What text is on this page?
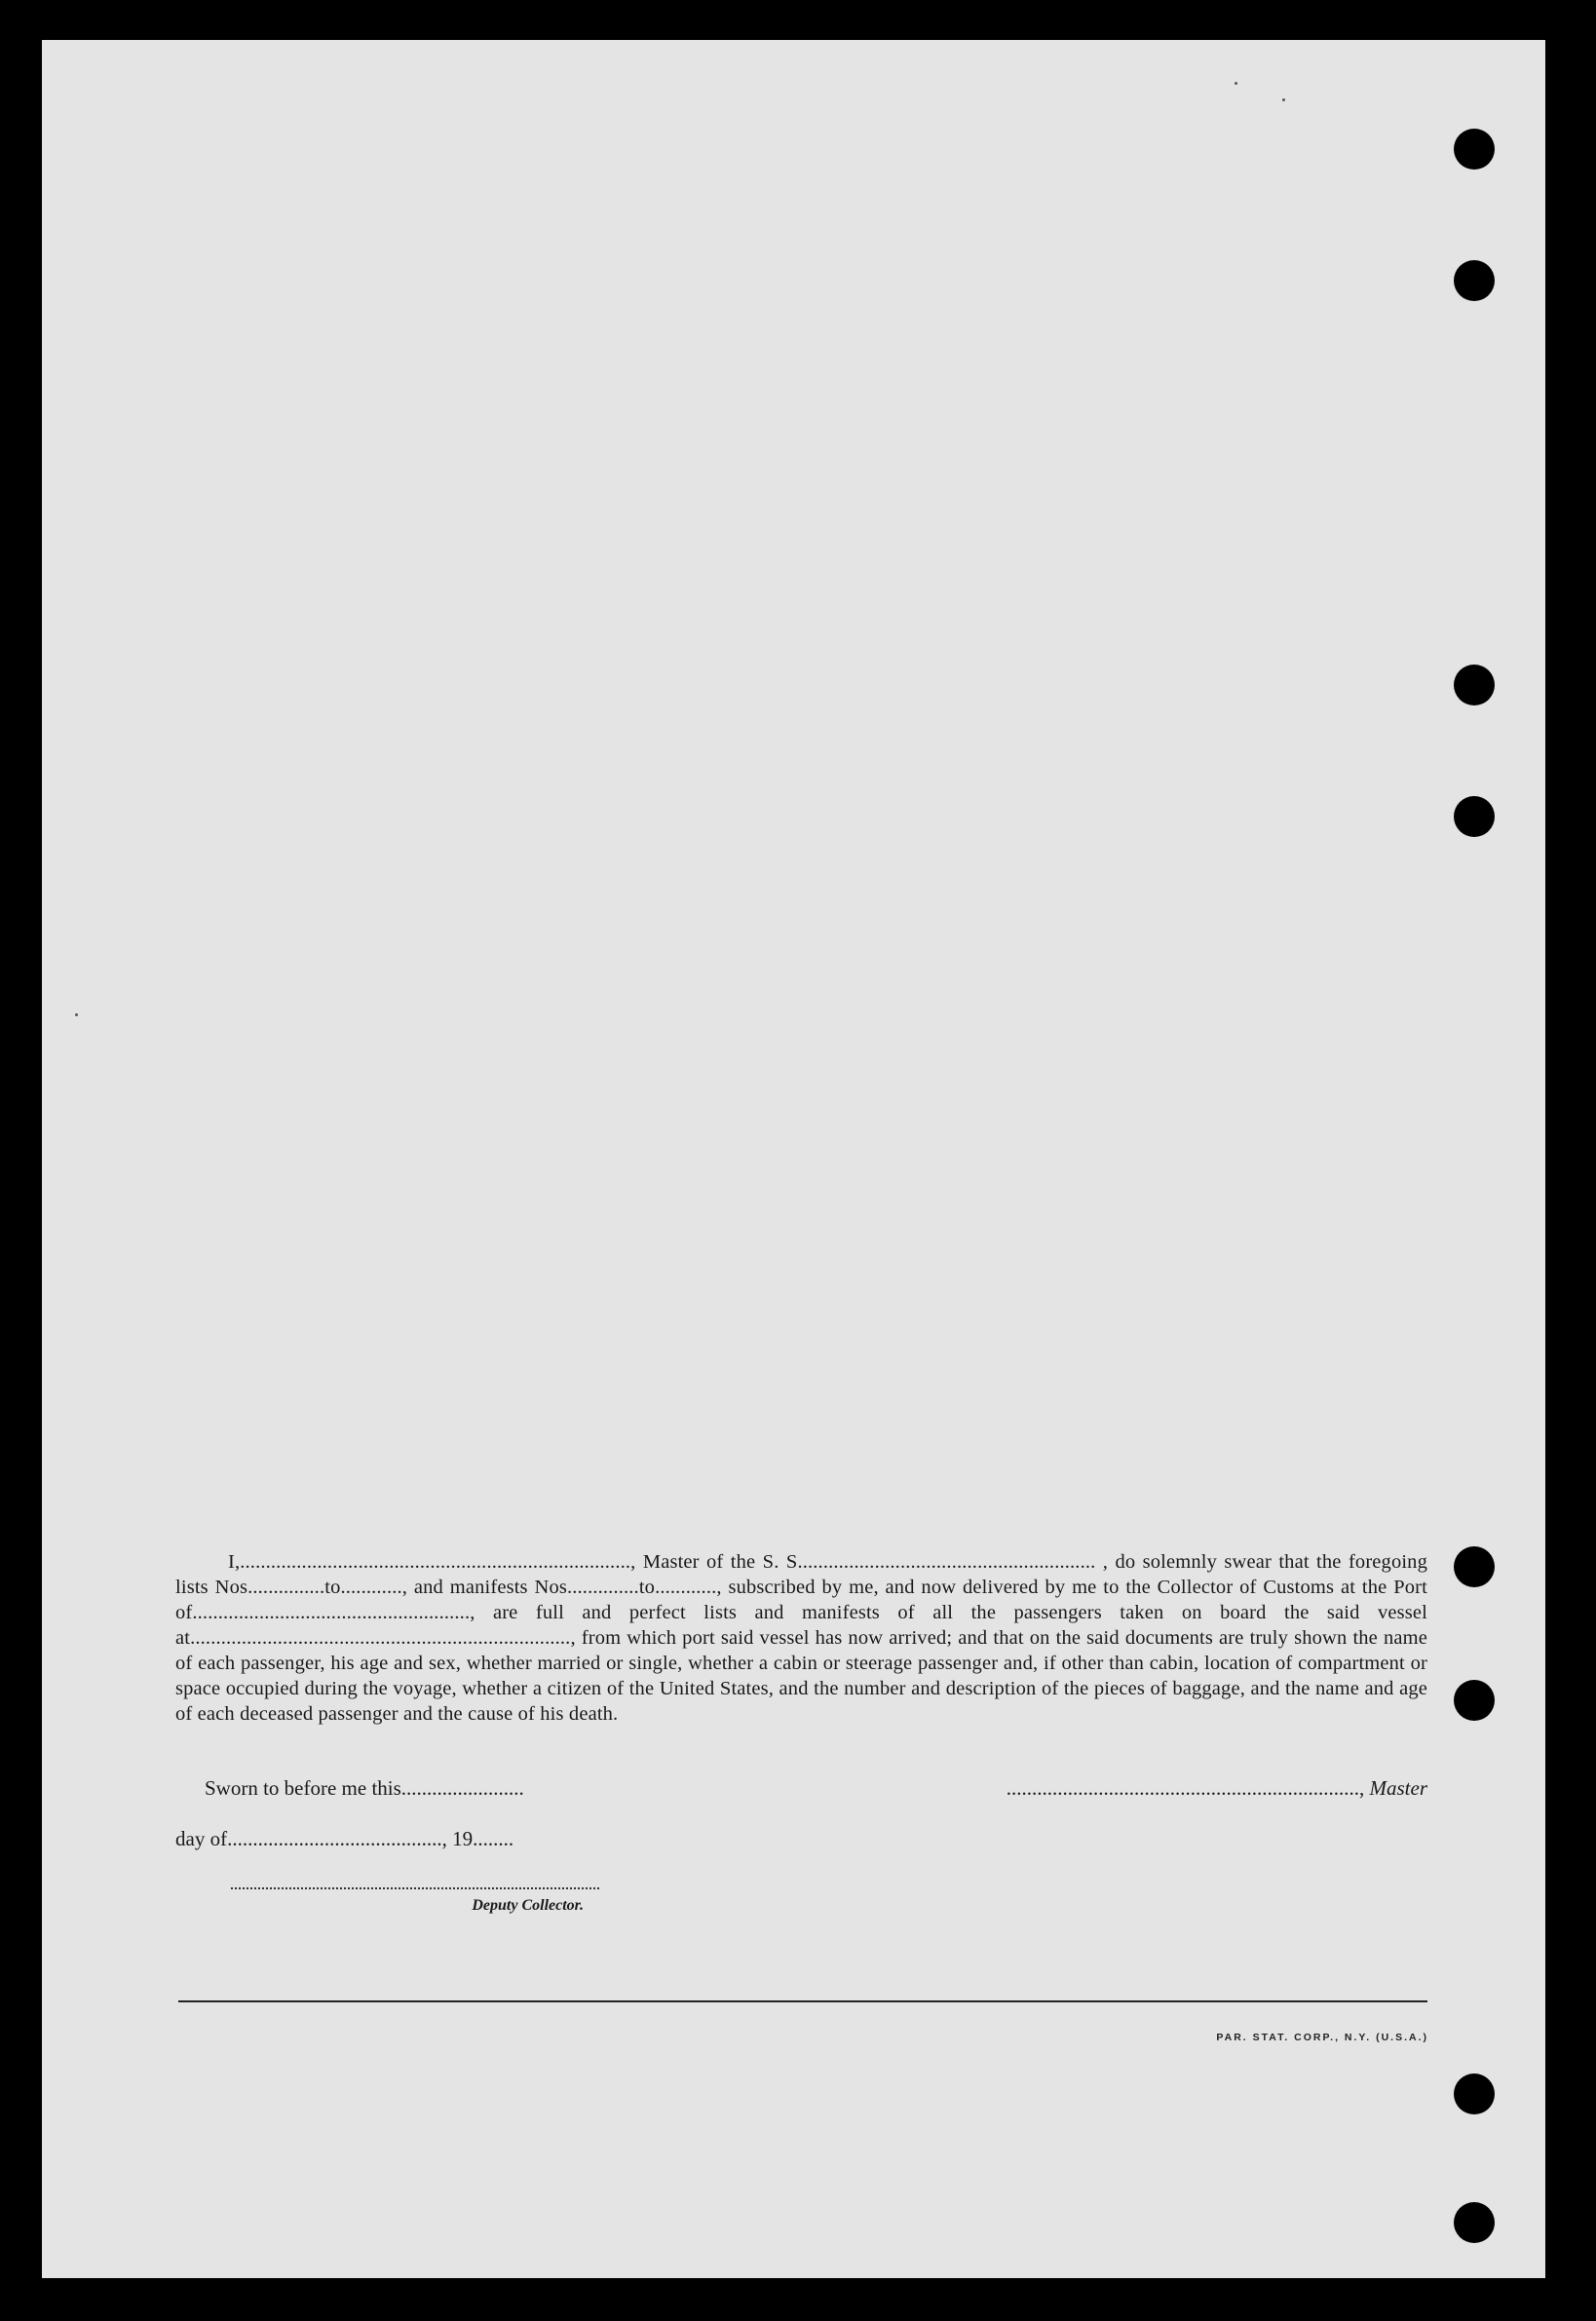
I,............................................................................, Master of the S. S.......................................................... , do solemnly swear that the foregoing lists Nos...............to............, and manifests Nos..............to............, subscribed by me, and now delivered by me to the Collector of Customs at the Port of......................................................, are full and perfect lists and manifests of all the passengers taken on board the said vessel at.........................................................................., from which port said vessel has now arrived; and that on the said documents are truly shown the name of each passenger, his age and sex, whether married or single, whether a cabin or steerage passenger and, if other than cabin, location of compartment or space occupied during the voyage, whether a citizen of the United States, and the number and description of the pieces of baggage, and the name and age of each deceased passenger and the cause of his death.
Sworn to before me this........................	....................................................................., Master
day of.........................................., 19........
Deputy Collector.
PAR. STAT. CORP., N.Y. (U.S.A.)
